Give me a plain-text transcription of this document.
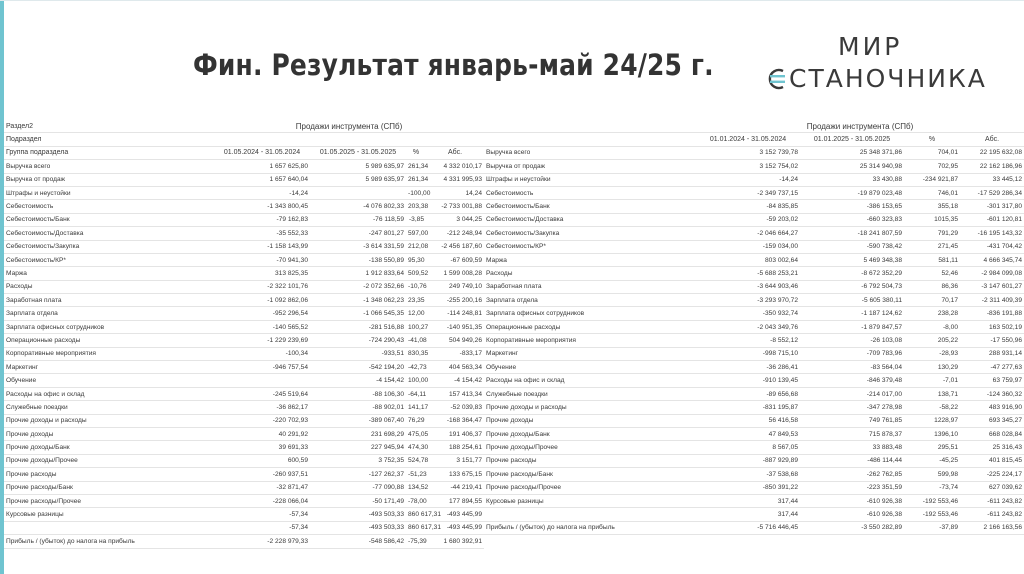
Фин. Результат январь-май 24/25 г.
МИР
СТАНОЧНИКА
Раздел2	Продажи инструмента (СПб)			
Подраздел				
Группа подраздела	01.05.2024 - 31.05.2024	01.05.2025 - 31.05.2025	%	Абс.
Выручка всего	1 657 625,80	5 989 635,97	261,34	4 332 010,17
Выручка от продаж	1 657 640,04	5 989 635,97	261,34	4 331 995,93
Штрафы и неустойки	-14,24		-100,00	14,24
Себестоимость	-1 343 800,45	-4 076 802,33	203,38	-2 733 001,88
Себестоимость/Банк	-79 162,83	-76 118,59	-3,85	3 044,25
Себестоимость/Доставка	-35 552,33	-247 801,27	597,00	-212 248,94
Себестоимость/Закупка	-1 158 143,99	-3 614 331,59	212,08	-2 456 187,60
Себестоимость/КР*	-70 941,30	-138 550,89	95,30	-67 609,59
Маржа	313 825,35	1 912 833,64	509,52	1 599 008,28
Расходы	-2 322 101,76	-2 072 352,66	-10,76	249 749,10
Заработная плата	-1 092 862,06	-1 348 062,23	23,35	-255 200,16
Зарплата отдела	-952 296,54	-1 066 545,35	12,00	-114 248,81
Зарплата офисных сотрудников	-140 565,52	-281 516,88	100,27	-140 951,35
Операционные расходы	-1 229 239,69	-724 290,43	-41,08	504 949,26
Корпоративные мероприятия	-100,34	-933,51	830,35	-833,17
Маркетинг	-946 757,54	-542 194,20	-42,73	404 563,34
Обучение		-4 154,42	100,00	-4 154,42
Расходы на офис и склад	-245 519,64	-88 106,30	-64,11	157 413,34
Служебные поездки	-36 862,17	-88 902,01	141,17	-52 039,83
Прочие доходы и расходы	-220 702,93	-389 067,40	76,29	-168 364,47
Прочие доходы	40 291,92	231 698,29	475,05	191 406,37
Прочие доходы/Банк	39 691,33	227 945,94	474,30	188 254,61
Прочие доходы/Прочее	600,59	3 752,35	524,78	3 151,77
Прочие расходы	-260 937,51	-127 262,37	-51,23	133 675,15
Прочие расходы/Банк	-32 871,47	-77 090,88	134,52	-44 219,41
Прочие расходы/Прочее	-228 066,04	-50 171,49	-78,00	177 894,55
Курсовые разницы	-57,34	-493 503,33	860 617,31	-493 445,99
	-57,34	-493 503,33	860 617,31	-493 445,99
Прибыль / (убыток) до налога на прибыль	-2 228 979,33	-548 586,42	-75,39	1 680 392,91
	Продажи инструмента (СПб)			
	01.01.2024 - 31.05.2024	01.01.2025 - 31.05.2025	%	Абс.
Выручка всего	3 152 739,78	25 348 371,86	704,01	22 195 632,08
Выручка от продаж	3 152 754,02	25 314 940,98	702,95	22 162 186,96
Штрафы и неустойки	-14,24	33 430,88	-234 921,87	33 445,12
Себестоимость	-2 349 737,15	-19 879 023,48	746,01	-17 529 286,34
Себестоимость/Банк	-84 835,85	-386 153,65	355,18	-301 317,80
Себестоимость/Доставка	-59 203,02	-660 323,83	1015,35	-601 120,81
Себестоимость/Закупка	-2 046 664,27	-18 241 807,59	791,29	-16 195 143,32
Себестоимость/КР*	-159 034,00	-590 738,42	271,45	-431 704,42
Маржа	803 002,64	5 469 348,38	581,11	4 666 345,74
Расходы	-5 688 253,21	-8 672 352,29	52,46	-2 984 099,08
Заработная плата	-3 644 903,46	-6 792 504,73	86,36	-3 147 601,27
Зарплата отдела	-3 293 970,72	-5 605 380,11	70,17	-2 311 409,39
Зарплата офисных сотрудников	-350 932,74	-1 187 124,62	238,28	-836 191,88
Операционные расходы	-2 043 349,76	-1 879 847,57	-8,00	163 502,19
Корпоративные мероприятия	-8 552,12	-26 103,08	205,22	-17 550,96
Маркетинг	-998 715,10	-709 783,96	-28,93	288 931,14
Обучение	-36 286,41	-83 564,04	130,29	-47 277,63
Расходы на офис и склад	-910 139,45	-846 379,48	-7,01	63 759,97
Служебные поездки	-89 656,68	-214 017,00	138,71	-124 360,32
Прочие доходы и расходы	-831 195,87	-347 278,98	-58,22	483 916,90
Прочие доходы	56 416,58	749 761,85	1228,97	693 345,27
Прочие доходы/Банк	47 849,53	715 878,37	1396,10	668 028,84
Прочие доходы/Прочее	8 567,05	33 883,48	295,51	25 316,43
Прочие расходы	-887 929,89	-486 114,44	-45,25	401 815,45
Прочие расходы/Банк	-37 538,68	-262 762,85	599,98	-225 224,17
Прочие расходы/Прочее	-850 391,22	-223 351,59	-73,74	627 039,62
Курсовые разницы	317,44	-610 926,38	-192 553,46	-611 243,82
	317,44	-610 926,38	-192 553,46	-611 243,82
Прибыль / (убыток) до налога на прибыль	-5 716 446,45	-3 550 282,89	-37,89	2 166 163,56
